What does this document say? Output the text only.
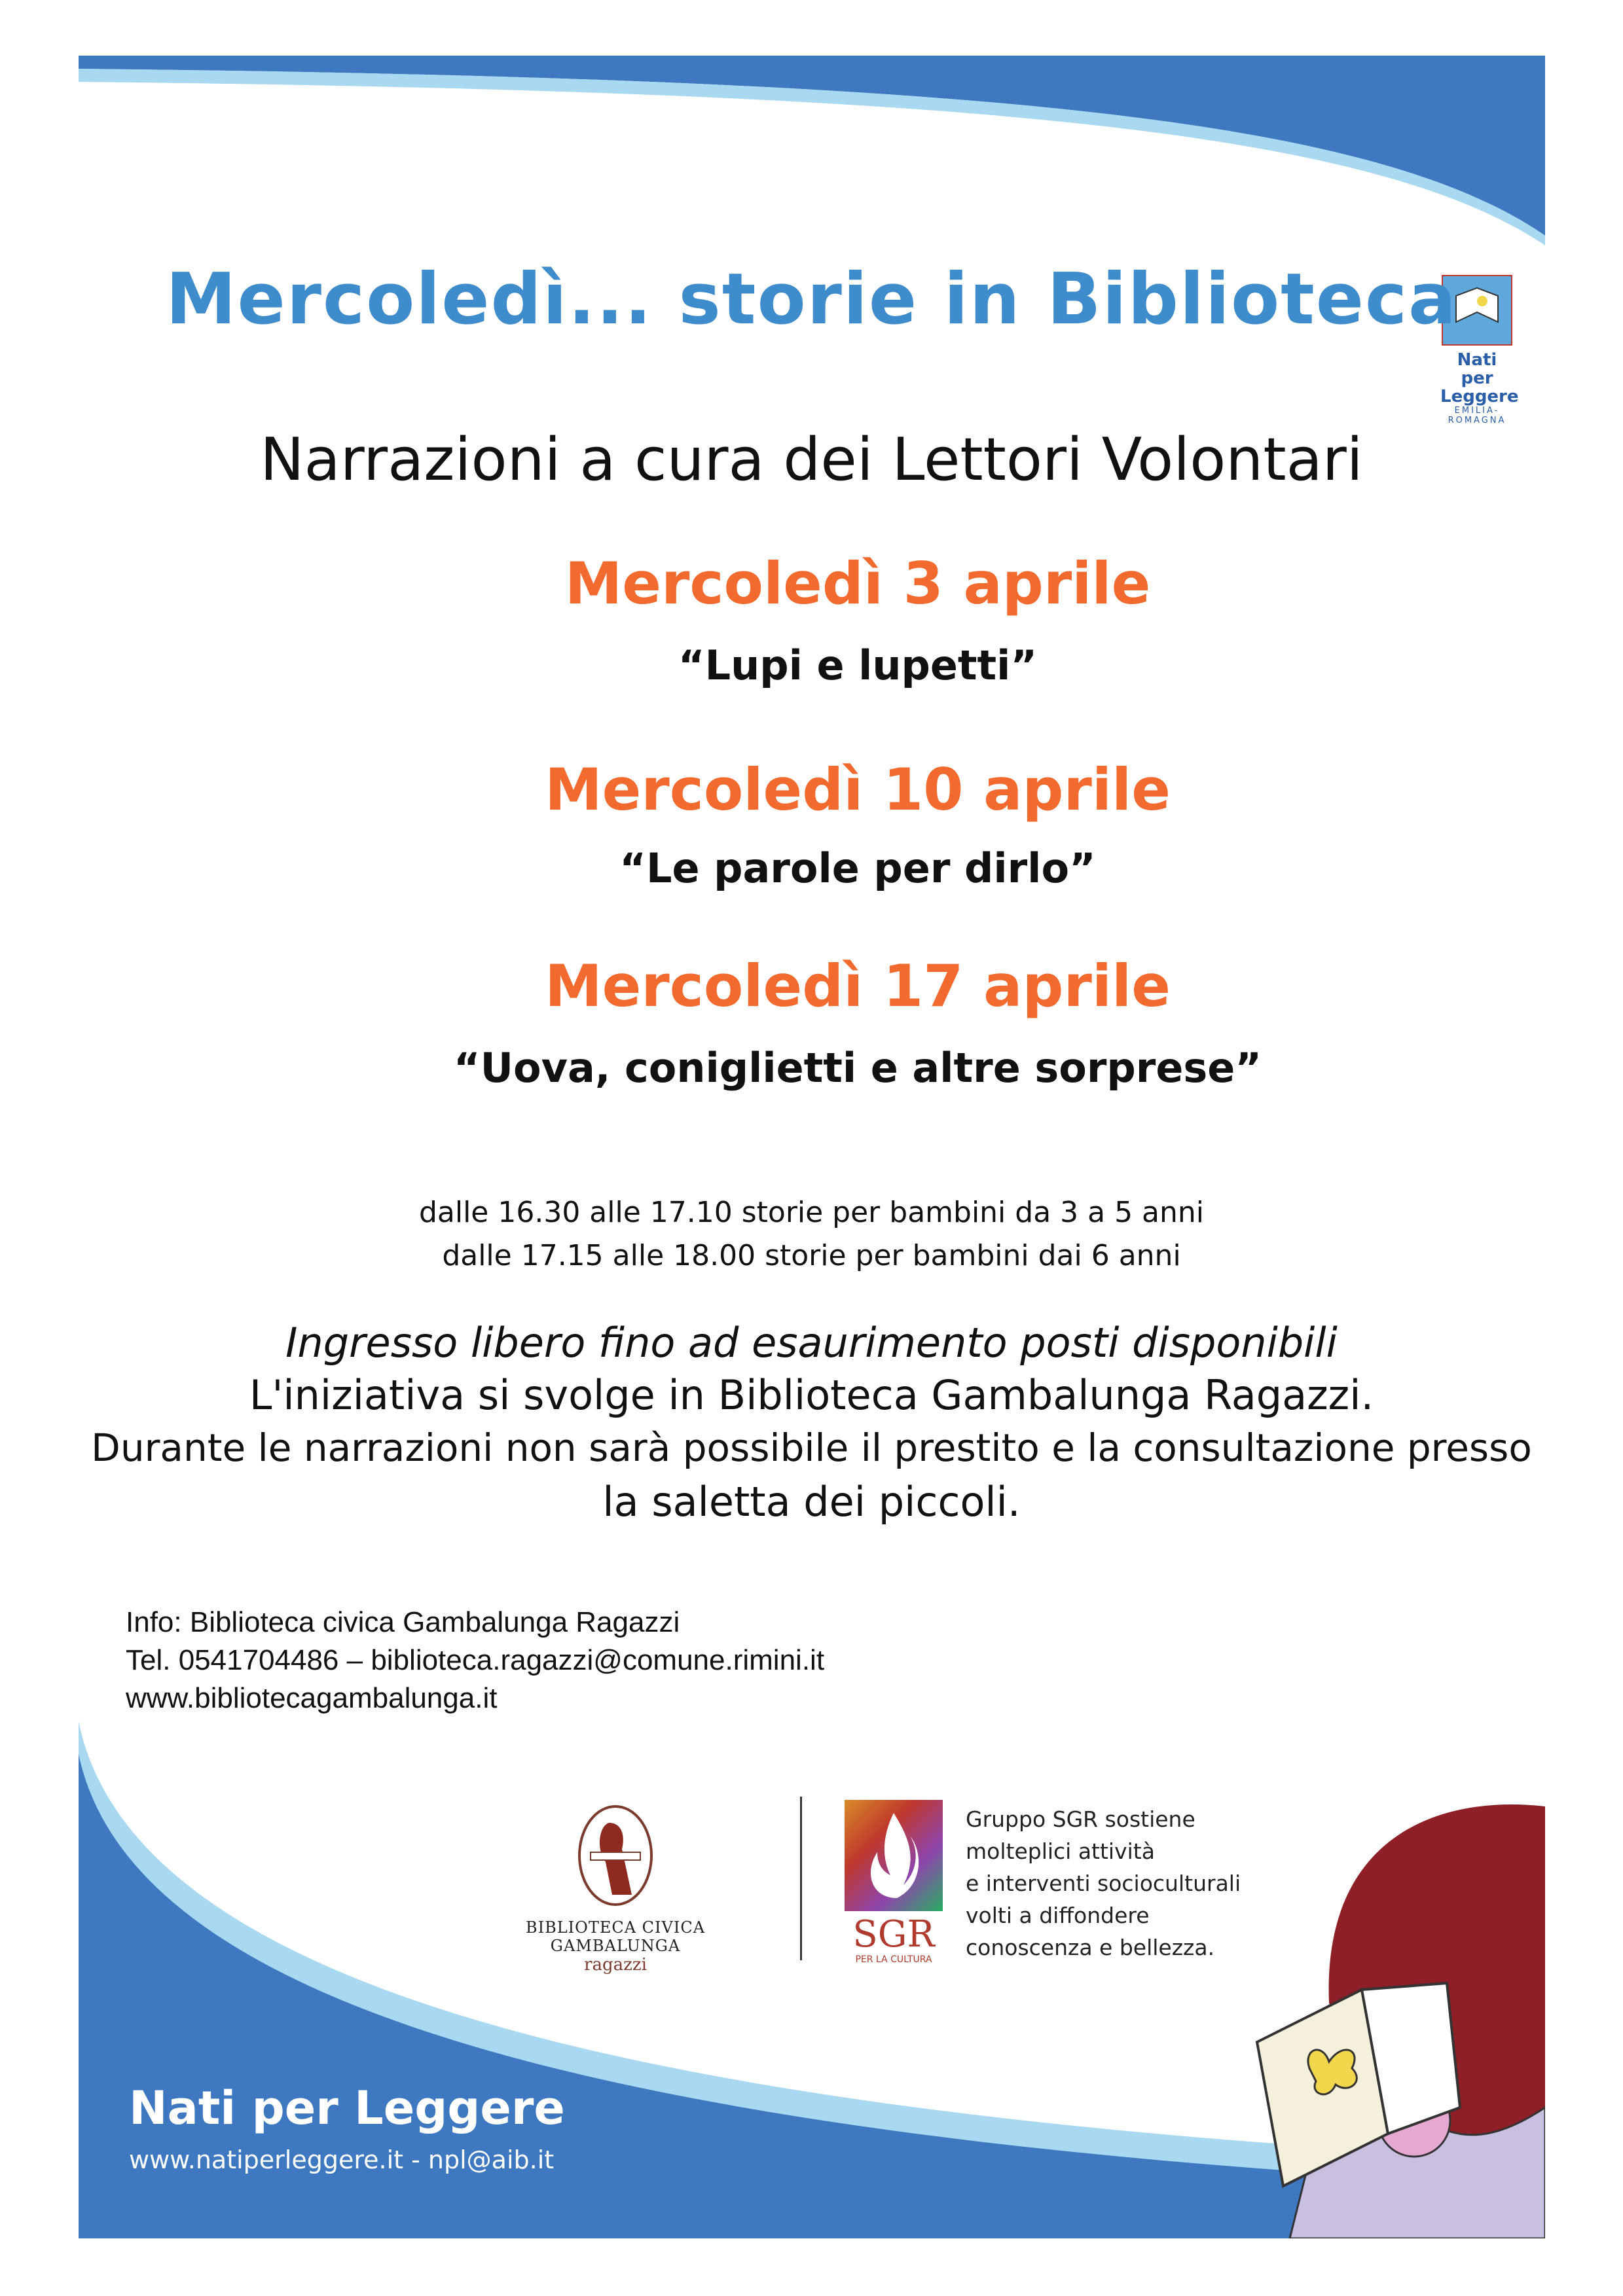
Nati per
Leggere
EMILIA-
ROMAGNA
Mercoledì... storie in Biblioteca
Narrazioni a cura dei Lettori Volontari
Mercoledì 3 aprile
“Lupi e lupetti”
Mercoledì 10 aprile
“Le parole per dirlo”
Mercoledì 17 aprile
“Uova, coniglietti e altre sorprese”
dalle 16.30 alle 17.10 storie per bambini da 3 a 5 anni
dalle 17.15 alle 18.00 storie per bambini dai 6 anni
Ingresso libero fino ad esaurimento posti disponibili
L'iniziativa si svolge in Biblioteca Gambalunga Ragazzi.
Durante le narrazioni non sarà possibile il prestito e la consultazione presso
la saletta dei piccoli.
Info: Biblioteca civica Gambalunga Ragazzi
Tel. 0541704486 – biblioteca.ragazzi@comune.rimini.it
www.bibliotecagambalunga.it
BIBLIOTECA CIVICA GAMBALUNGA
ragazzi
SGR
PER LA CULTURA
Gruppo SGR sostiene
molteplici attività
e interventi socioculturali
volti a diffondere
conoscenza e bellezza.
Nati per Leggere
www.natiperleggere.it - npl@aib.it
